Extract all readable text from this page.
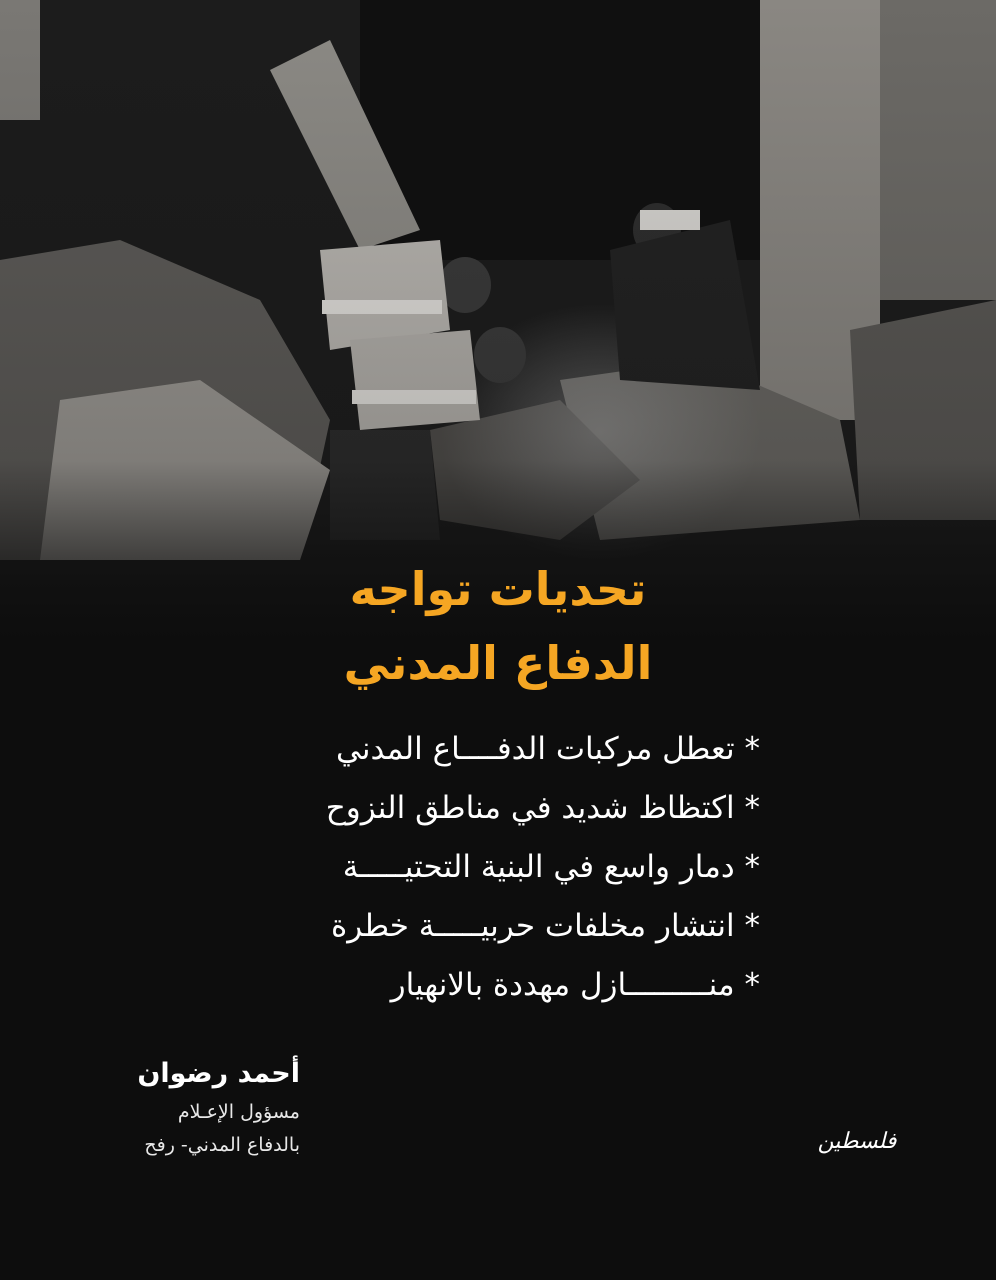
تحديات تواجه
الدفاع المدني
* تعطل مركبات الدفــــاع المدني
* اكتظاظ شديد في مناطق النزوح
* دمار واسع في البنية التحتيـــــة
* انتشار مخلفات حربيـــــة خطرة
* منـــــــــازل مهددة بالانهيار
أحمد رضوان
مسؤول الإعـلام
بالدفاع المدني- رفح	فلسطين
